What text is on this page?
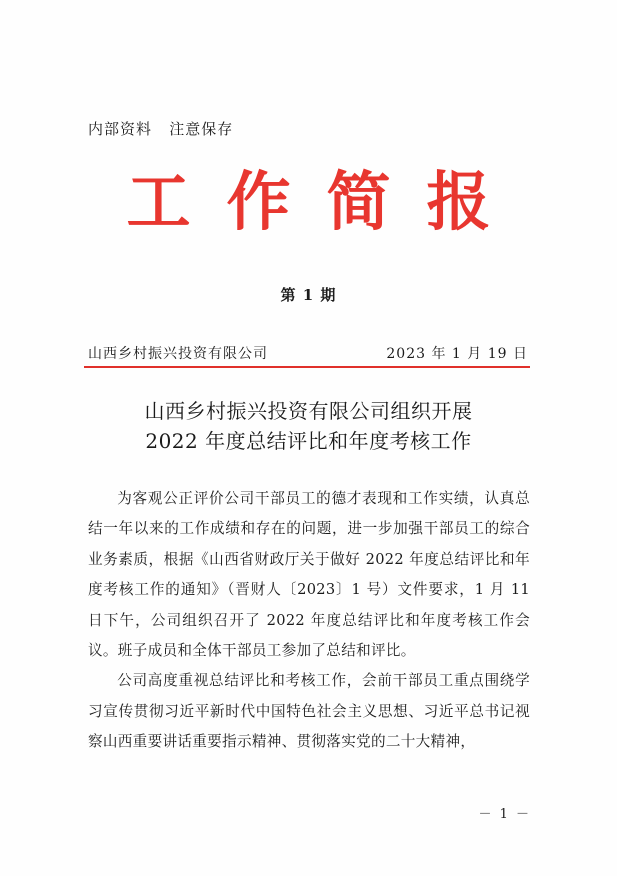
内部资料   注意保存
工作简报
第 1 期
山西乡村振兴投资有限公司	2023 年 1 月 19 日
山西乡村振兴投资有限公司组织开展
2022 年度总结评比和年度考核工作

为客观公正评价公司干部员工的德才表现和工作实绩，认真总结一年以来的工作成绩和存在的问题，进一步加强干部员工的综合业务素质，根据《山西省财政厅关于做好 2022 年度总结评比和年度考核工作的通知》（晋财人〔2023〕1 号）文件要求，1 月 11 日下午，公司组织召开了 2022 年度总结评比和年度考核工作会议。班子成员和全体干部员工参加了总结和评比。

公司高度重视总结评比和考核工作，会前干部员工重点围绕学习宣传贯彻习近平新时代中国特色社会主义思想、习近平总书记视察山西重要讲话重要指示精神、贯彻落实党的二十大精神，

－ 1 －
